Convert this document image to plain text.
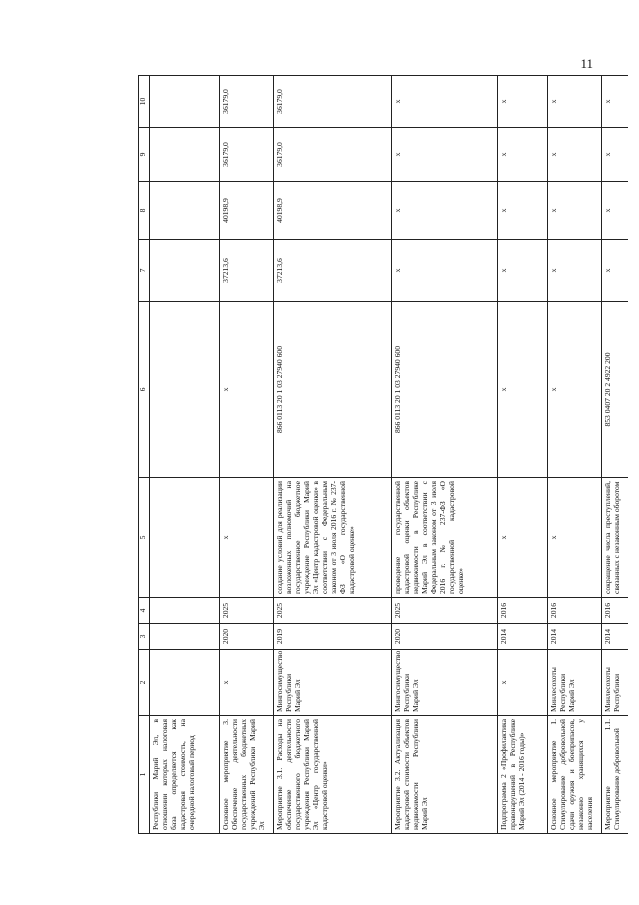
11
1	2	3	4	5	6	7	8	9	10
Республики Марий Эл, в отношении которых налоговая база определяется как кадастровая стоимость, на очередной налоговый период									
Основное мероприятие 3. Обеспечение деятельности государственных бюджетных учреждений Республики Марий Эл	x	2020	2025	x	x	37213,6	40198,9	36179,0	36179,0
Мероприятие 3.1. Расходы на обеспечение деятельности государственного бюджетного учреждения Республики Марий Эл «Центр государственной кадастровой оценки»	Мингосимущество Республики Марий Эл	2019	2025	создание условий для реализации возложенных полномочий на государственное бюджетное учреждение Республики Марий Эл «Центр кадастровой оценки» в соответствии с Федеральным законом от 3 июля 2016 г. № 237-ФЗ «О государственной кадастровой оценке»	866 0113 20 1 03 27940 600	37213,6	40198,9	36179,0	36179,0
Мероприятие 3.2. Актуализация кадастровой стоимости объектов недвижимости Республики Марий Эл	Мингосимущество Республики Марий Эл	2020	2025	проведение государственной кадастровой оценки объектов недвижимости в Республике Марий Эл в соответствии с Федеральным законом от 3 июля 2016 г. № 237-ФЗ «О государственной кадастровой оценке»	866 0113 20 1 03 27940 600	x	x	x	x
Подпрограмма 2 «Профилактика правонарушений в Республике Марий Эл (2014 - 2016 годы)»	x	2014	2016	x	x	x	x	x	x
Основное мероприятие 1. Стимулирование добровольной сдачи оружия и боеприпасов, незаконно хранящихся у населения	Минлесохоты Республики Марий Эл	2014	2016	x	x	x	x	x	x
Мероприятие 1.1. Стимулирование добровольной	Минлесохоты Республики	2014	2016	сокращение числа преступлений, связанных с незаконным оборотом	853 0407 20 2 4922 200	x	x	x	x
